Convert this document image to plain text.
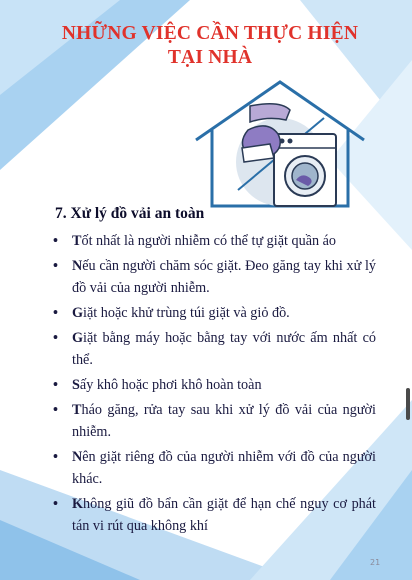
NHỮNG VIỆC CẦN THỰC HIỆN
TẠI NHÀ
7. Xử lý đồ vải an toàn
• Tốt nhất là người nhiễm có thể tự giặt quần áo
• Nếu cần người chăm sóc giặt. Đeo găng tay khi xử lý đồ vải của người nhiễm.
• Giặt hoặc khử trùng túi giặt và giỏ đồ.
• Giặt bằng máy hoặc bằng tay với nước ấm nhất có thể.
• Sấy khô hoặc phơi khô hoàn toàn
• Tháo găng, rửa tay sau khi xử lý đồ vải của người nhiễm.
• Nên giặt riêng đồ của người nhiễm với đồ của người khác.
• Không giũ đồ bẩn cần giặt để hạn chế nguy cơ phát tán vi rút qua không khí
21
